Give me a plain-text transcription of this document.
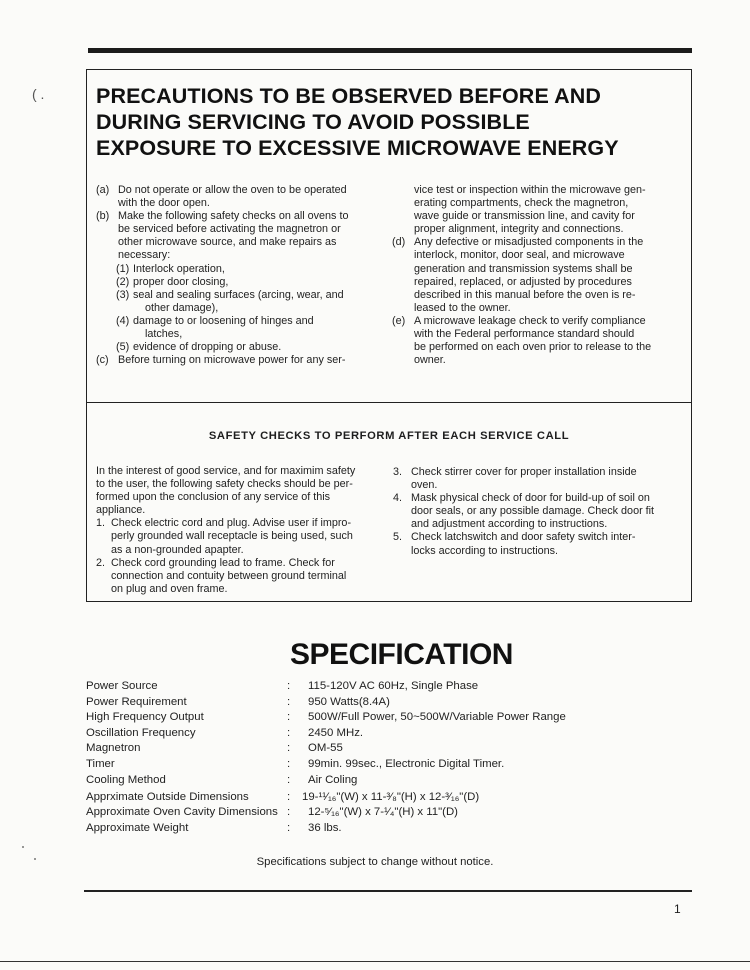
( . PRECAUTIONS TO BE OBSERVED BEFORE AND
DURING SERVICING TO AVOID POSSIBLE
EXPOSURE TO EXCESSIVE MICROWAVE ENERGY
(a) Do not operate or allow the oven to be operated
with the door open.
(b) Make the following safety checks on all ovens to
be serviced before activating the magnetron or
other microwave source, and make repairs as
necessary:
(1) Interlock operation,
(2) proper door closing,
(3) seal and sealing surfaces (arcing, wear, and
other damage),
(4) damage to or loosening of hinges and
latches,
(5) evidence of dropping or abuse.
(c) Before turning on microwave power for any ser-
vice test or inspection within the microwave gen-
erating compartments, check the magnetron,
wave guide or transmission line, and cavity for
proper alignment, integrity and connections.
(d) Any defective or misadjusted components in the
interlock, monitor, door seal, and microwave
generation and transmission systems shall be
repaired, replaced, or adjusted by procedures
described in this manual before the oven is re-
leased to the owner.
(e) A microwave leakage check to verify compliance
with the Federal performance standard should
be performed on each oven prior to release to the
owner.
SAFETY CHECKS TO PERFORM AFTER EACH SERVICE CALL
In the interest of good service, and for maximim safety
to the user, the following safety checks should be per-
formed upon the conclusion of any service of this
appliance.
1. Check electric cord and plug. Advise user if impro-
perly grounded wall receptacle is being used, such
as a non-grounded apapter.
2. Check cord grounding lead to frame. Check for
connection and contuity between ground terminal
on plug and oven frame.
3. Check stirrer cover for proper installation inside
oven.
4. Mask physical check of door for build-up of soil on
door seals, or any possible damage. Check door fit
and adjustment according to instructions.
5. Check latchswitch and door safety switch inter-
locks according to instructions.
SPECIFICATION
Power Source	: 115-120V AC 60Hz, Single Phase
Power Requirement	: 950 Watts(8.4A)
High Frequency Output	: 500W/Full Power, 50~500W/Variable Power Range
Oscillation Frequency	: 2450 MHz.
Magnetron	: OM-55
Timer	: 99min. 99sec., Electronic Digital Timer.
Cooling Method	: Air Coling
Apprximate Outside Dimensions	: 19-¹¹⁄₁₆"(W) x 11-³⁄₈"(H) x 12-³⁄₁₆"(D)
Approximate Oven Cavity Dimensions : 12-⁵⁄₁₆"(W) x 7-¹⁄₄"(H) x 11"(D)
Approximate Weight	: 36 lbs.
Specifications subject to change without notice.
1
